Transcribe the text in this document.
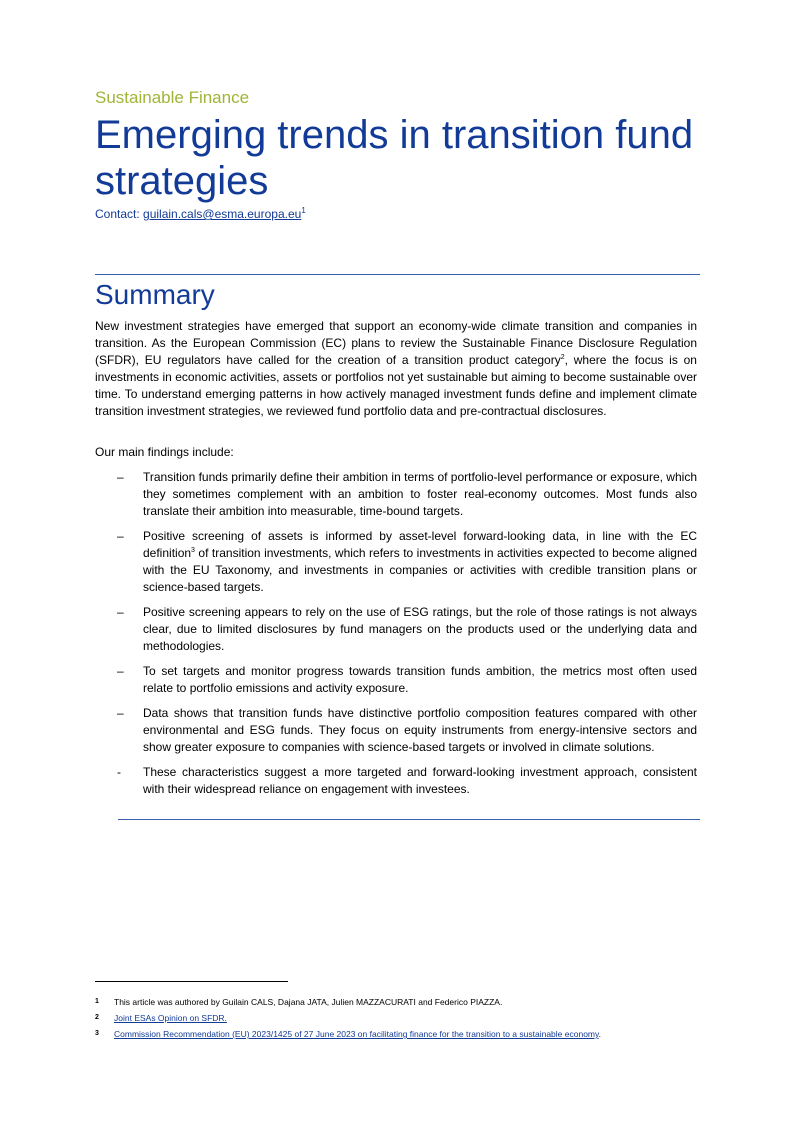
Sustainable Finance
Emerging trends in transition fund strategies
Contact: $guilain.cals@esma.europa.eu^1$
Summary

New investment strategies have emerged that support an economy-wide climate transition and companies in transition. As the European Commission (EC) plans to review the Sustainable Finance Disclosure Regulation (SFDR), EU regulators have called for the creation of a transition product category$^2$, where the focus is on investments in economic activities, assets or portfolios not yet sustainable but aiming to become sustainable over time. To understand emerging patterns in how actively managed investment funds define and implement climate transition investment strategies, we reviewed fund portfolio data and pre-contractual disclosures.

Our main findings include:

– Transition funds primarily define their ambition in terms of portfolio-level performance or exposure, which they sometimes complement with an ambition to foster real-economy outcomes. Most funds also translate their ambition into measurable, time-bound targets.
– Positive screening of assets is informed by asset-level forward-looking data, in line with the EC definition$^3$ of transition investments, which refers to investments in activities expected to become aligned with the EU Taxonomy, and investments in companies or activities with credible transition plans or science-based targets.
– Positive screening appears to rely on the use of ESG ratings, but the role of those ratings is not always clear, due to limited disclosures by fund managers on the products used or the underlying data and methodologies.
– To set targets and monitor progress towards transition funds ambition, the metrics most often used relate to portfolio emissions and activity exposure.
– Data shows that transition funds have distinctive portfolio composition features compared with other environmental and ESG funds. They focus on equity instruments from energy-intensive sectors and show greater exposure to companies with science-based targets or involved in climate solutions.
- These characteristics suggest a more targeted and forward-looking investment approach, consistent with their widespread reliance on engagement with investees.
1 This article was authored by Guilain CALS, Dajana JATA, Julien MAZZACURATI and Federico PIAZZA.
2 Joint ESAs Opinion on SFDR.
3 Commission Recommendation (EU) 2023/1425 of 27 June 2023 on facilitating finance for the transition to a sustainable economy.
